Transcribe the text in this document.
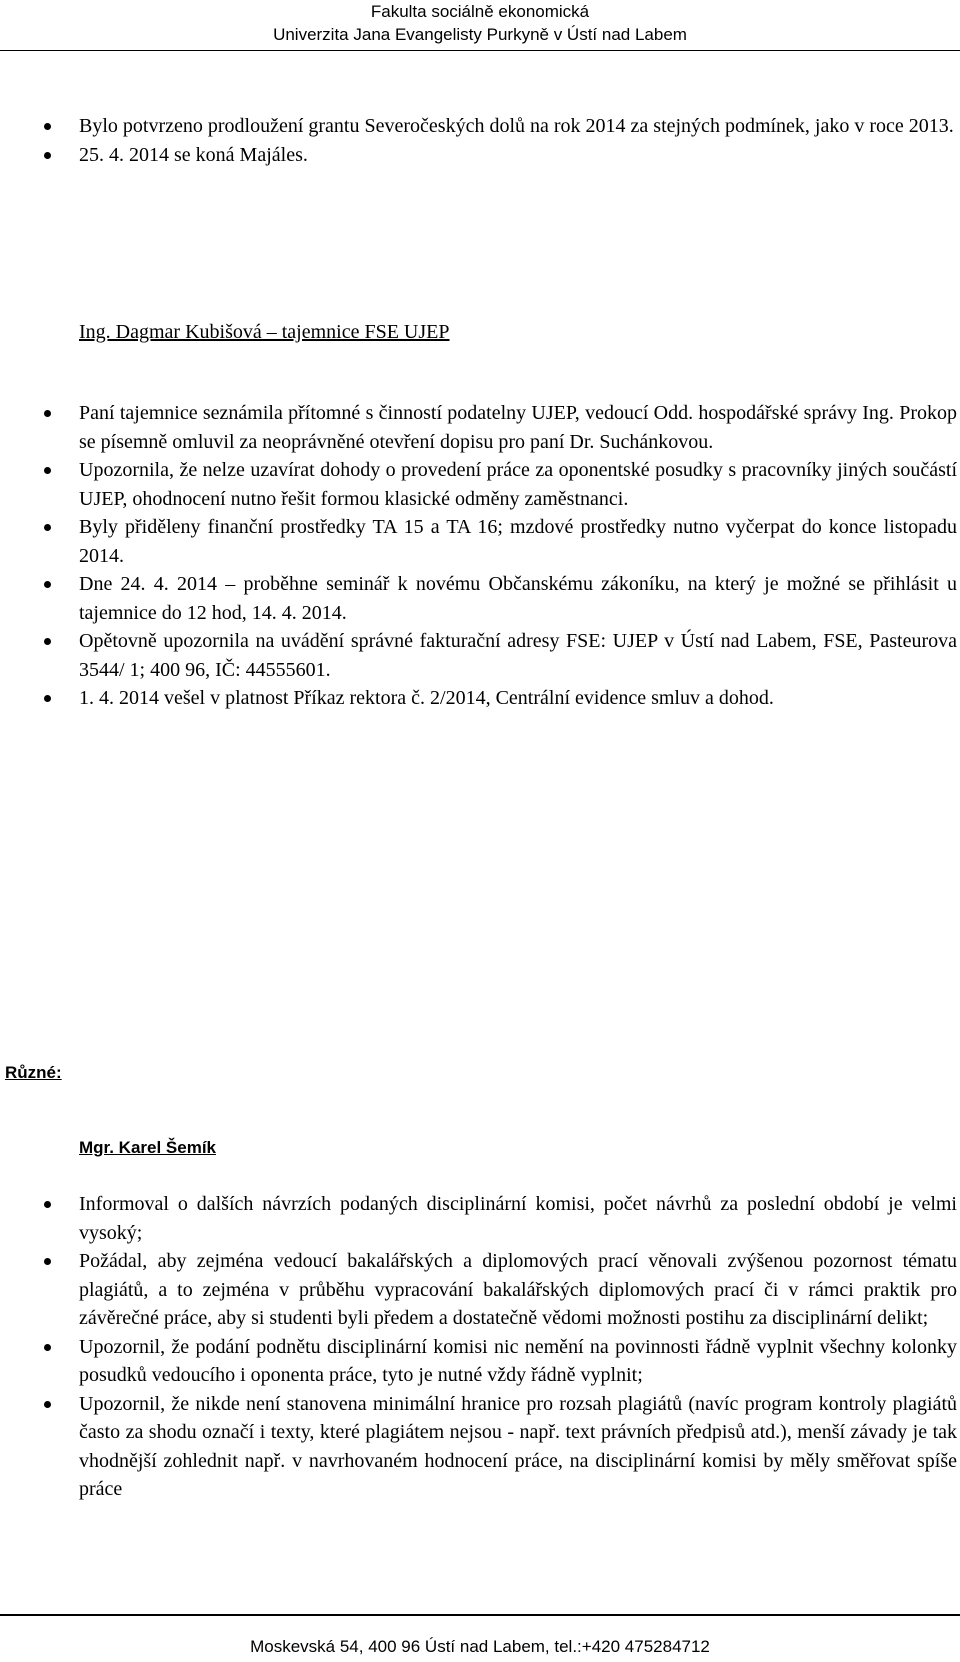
Fakulta sociálně ekonomická
Univerzita Jana Evangelisty Purkyně v Ústí nad Labem
Bylo potvrzeno prodloužení grantu Severočeských dolů na rok 2014 za stejných podmínek, jako v roce 2013.
25. 4. 2014 se koná Majáles.
Ing. Dagmar Kubišová – tajemnice FSE UJEP
Paní tajemnice seznámila přítomné s činností podatelny UJEP, vedoucí Odd. hospodářské správy Ing. Prokop se písemně omluvil za neoprávněné otevření dopisu pro paní Dr. Suchánkovou.
Upozornila, že nelze uzavírat dohody o provedení práce za oponentské posudky s pracovníky jiných součástí UJEP, ohodnocení nutno řešit formou klasické odměny zaměstnanci.
Byly přiděleny finanční prostředky TA 15 a TA 16; mzdové prostředky nutno vyčerpat do konce listopadu 2014.
Dne 24. 4. 2014 – proběhne seminář k novému Občanskému zákoníku, na který je možné se přihlásit u tajemnice do 12 hod, 14. 4. 2014.
Opětovně upozornila na uvádění správné fakturační adresy FSE: UJEP v Ústí nad Labem, FSE, Pasteurova 3544/ 1; 400 96, IČ: 44555601.
1. 4. 2014 vešel v platnost Příkaz rektora č. 2/2014, Centrální evidence smluv a dohod.
Různé:
Mgr. Karel Šemík
Informoval o dalších návrzích podaných disciplinární komisi, počet návrhů za poslední období je velmi vysoký;
Požádal, aby zejména vedoucí bakalářských a diplomových prací věnovali zvýšenou pozornost tématu plagiátů, a to zejména v průběhu vypracování bakalářských diplomových prací či v rámci praktik pro závěrečné práce, aby si studenti byli předem a dostatečně vědomi možnosti postihu za disciplinární delikt;
Upozornil, že podání podnětu disciplinární komisi nic nemění na povinnosti řádně vyplnit všechny kolonky posudků vedoucího i oponenta práce, tyto je nutné vždy řádně vyplnit;
Upozornil, že nikde není stanovena minimální hranice pro rozsah plagiátů (navíc program kontroly plagiátů často za shodu označí i texty, které plagiátem nejsou - např. text právních předpisů atd.), menší závady je tak vhodnější zohlednit např. v navrhovaném hodnocení práce, na disciplinární komisi by měly směřovat spíše práce
Moskevská 54, 400 96 Ústí nad Labem, tel.:+420 475284712
